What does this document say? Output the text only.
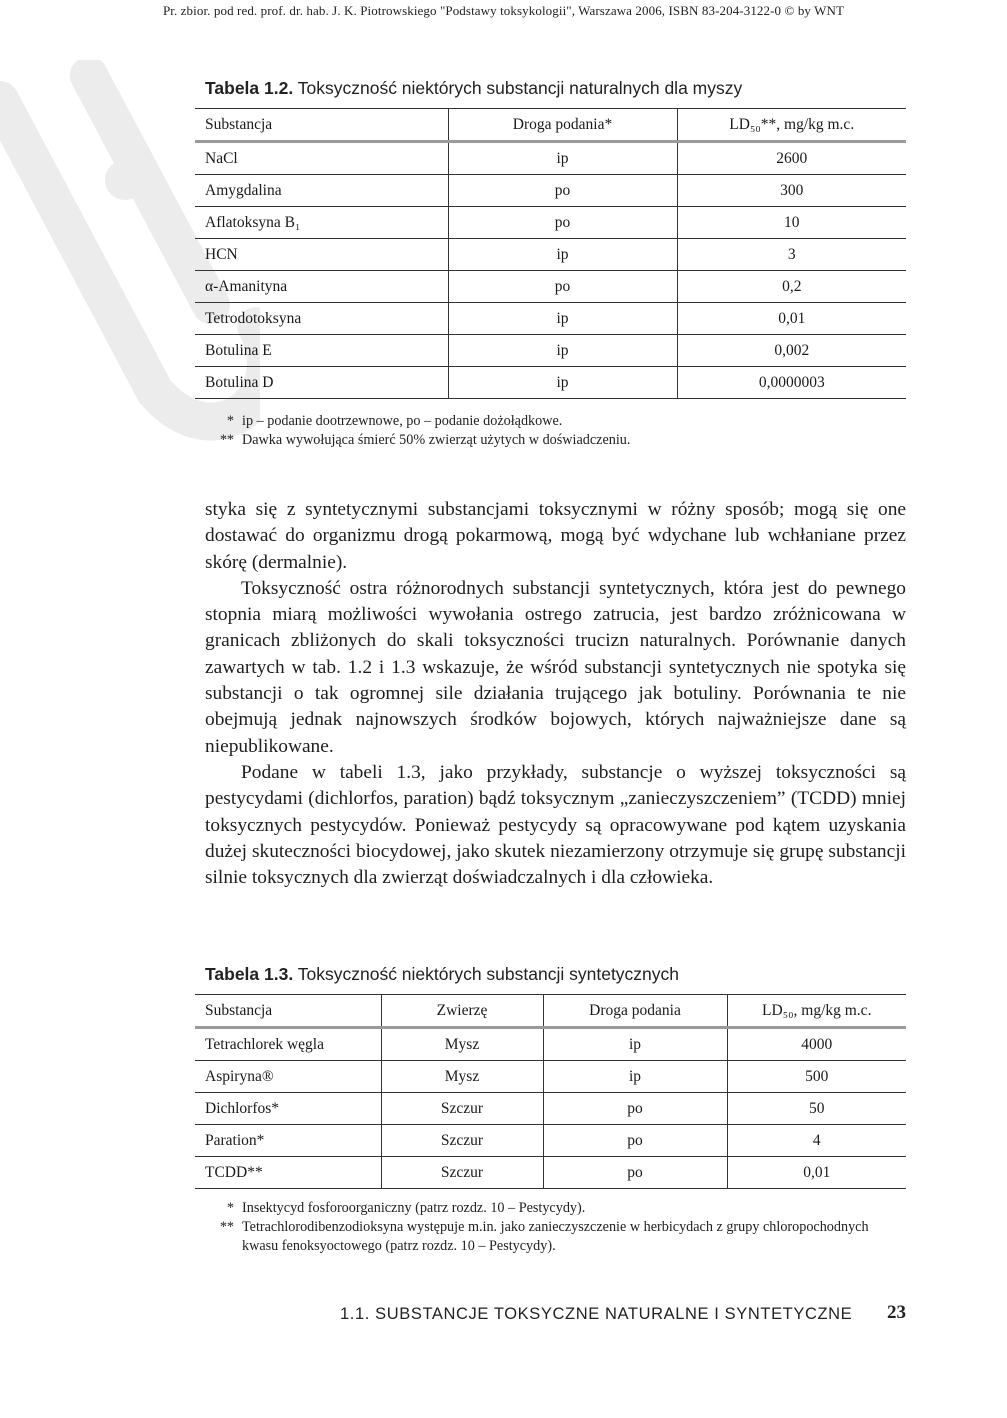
Pr. zbior. pod red. prof. dr. hab. J. K. Piotrowskiego "Podstawy toksykologii", Warszawa 2006, ISBN 83-204-3122-0 © by WNT
Tabela 1.2. Toksyczność niektórych substancji naturalnych dla myszy
Substancja	Droga podania*	LD₅₀**, mg/kg m.c.
NaCl	ip	2600
Amygdalina	po	300
Aflatoksyna B₁	po	10
HCN	ip	3
α-Amanityna	po	0,2
Tetrodotoksyna	ip	0,01
Botulina E	ip	0,002
Botulina D	ip	0,0000003
* ip – podanie dootrzewnowe, po – podanie dożołądkowe.
** Dawka wywołująca śmierć 50% zwierząt użytych w doświadczeniu.

styka się z syntetycznymi substancjami toksycznymi w różny sposób; mogą się one dostawać do organizmu drogą pokarmową, mogą być wdychane lub wchłaniane przez skórę (dermalnie).

Toksyczność ostra różnorodnych substancji syntetycznych, która jest do pewnego stopnia miarą możliwości wywołania ostrego zatrucia, jest bardzo zróżnicowana w granicach zbliżonych do skali toksyczności trucizn naturalnych. Porównanie danych zawartych w tab. 1.2 i 1.3 wskazuje, że wśród substancji syntetycznych nie spotyka się substancji o tak ogromnej sile działania trującego jak botuliny. Porównania te nie obejmują jednak najnowszych środków bojowych, których najważniejsze dane są niepublikowane.

Podane w tabeli 1.3, jako przykłady, substancje o wyższej toksyczności są pestycydami (dichlorfos, paration) bądź toksycznym „zanieczyszczeniem” (TCDD) mniej toksycznych pestycydów. Ponieważ pestycydy są opracowywane pod kątem uzyskania dużej skuteczności biocydowej, jako skutek niezamierzony otrzymuje się grupę substancji silnie toksycznych dla zwierząt doświadczalnych i dla człowieka.

Tabela 1.3. Toksyczność niektórych substancji syntetycznych
Substancja	Zwierzę	Droga podania	LD₅₀, mg/kg m.c.
Tetrachlorek węgla	Mysz	ip	4000
Aspiryna®	Mysz	ip	500
Dichlorfos*	Szczur	po	50
Paration*	Szczur	po	4
TCDD**	Szczur	po	0,01
* Insektycyd fosforoorganiczny (patrz rozdz. 10 – Pestycydy).
** Tetrachlorodibenzodioksyna występuje m.in. jako zanieczyszczenie w herbicydach z grupy chloropochodnych kwasu fenoksyoctowego (patrz rozdz. 10 – Pestycydy).
1.1. SUBSTANCJE TOKSYCZNE NATURALNE I SYNTETYCZNE 23
